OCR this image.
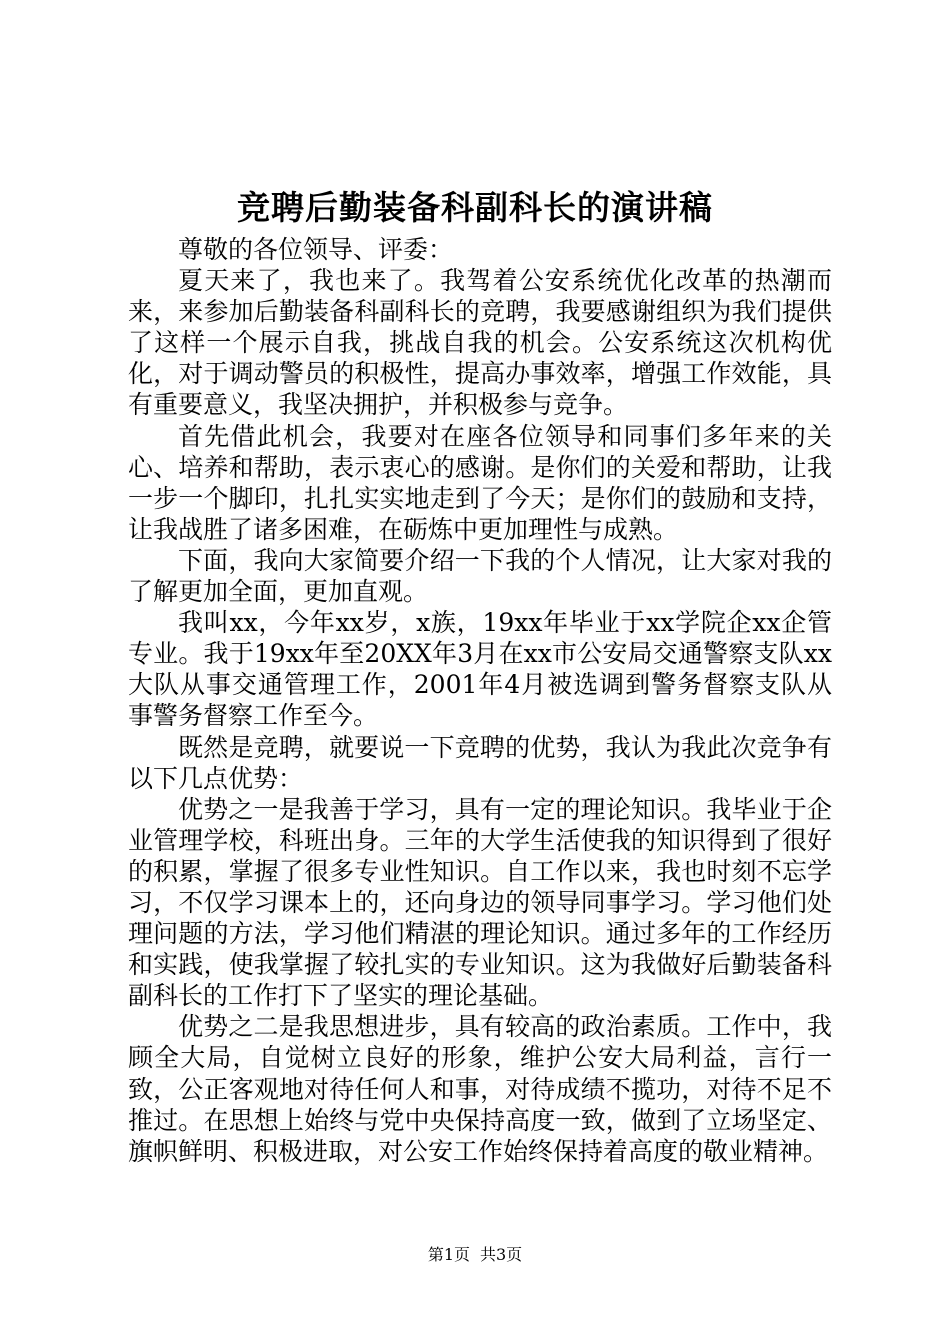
竞聘后勤装备科副科长的演讲稿

尊敬的各位领导、评委：

夏天来了，我也来了。我驾着公安系统优化改革的热潮而来，来参加后勤装备科副科长的竞聘，我要感谢组织为我们提供了这样一个展示自我，挑战自我的机会。公安系统这次机构优化，对于调动警员的积极性，提高办事效率，增强工作效能，具有重要意义，我坚决拥护，并积极参与竞争。

首先借此机会，我要对在座各位领导和同事们多年来的关心、培养和帮助，表示衷心的感谢。是你们的关爱和帮助，让我一步一个脚印，扎扎实实地走到了今天；是你们的鼓励和支持，让我战胜了诸多困难，在砺炼中更加理性与成熟。

下面，我向大家简要介绍一下我的个人情况，让大家对我的了解更加全面，更加直观。

我叫xx，今年xx岁，x族，19xx年毕业于xx学院企xx企管专业。我于19xx年至20XX年3月在xx市公安局交通警察支队xx大队从事交通管理工作，2001年4月被选调到警务督察支队从事警务督察工作至今。

既然是竞聘，就要说一下竞聘的优势，我认为我此次竞争有以下几点优势：

优势之一是我善于学习，具有一定的理论知识。我毕业于企业管理学校，科班出身。三年的大学生活使我的知识得到了很好的积累，掌握了很多专业性知识。自工作以来，我也时刻不忘学习，不仅学习课本上的，还向身边的领导同事学习。学习他们处理问题的方法，学习他们精湛的理论知识。通过多年的工作经历和实践，使我掌握了较扎实的专业知识。这为我做好后勤装备科副科长的工作打下了坚实的理论基础。

优势之二是我思想进步，具有较高的政治素质。工作中，我顾全大局，自觉树立良好的形象，维护公安大局利益，言行一致，公正客观地对待任何人和事，对待成绩不揽功，对待不足不推过。在思想上始终与党中央保持高度一致，做到了立场坚定、旗帜鲜明、积极进取，对公安工作始终保持着高度的敬业精神。

第1页 共3页
